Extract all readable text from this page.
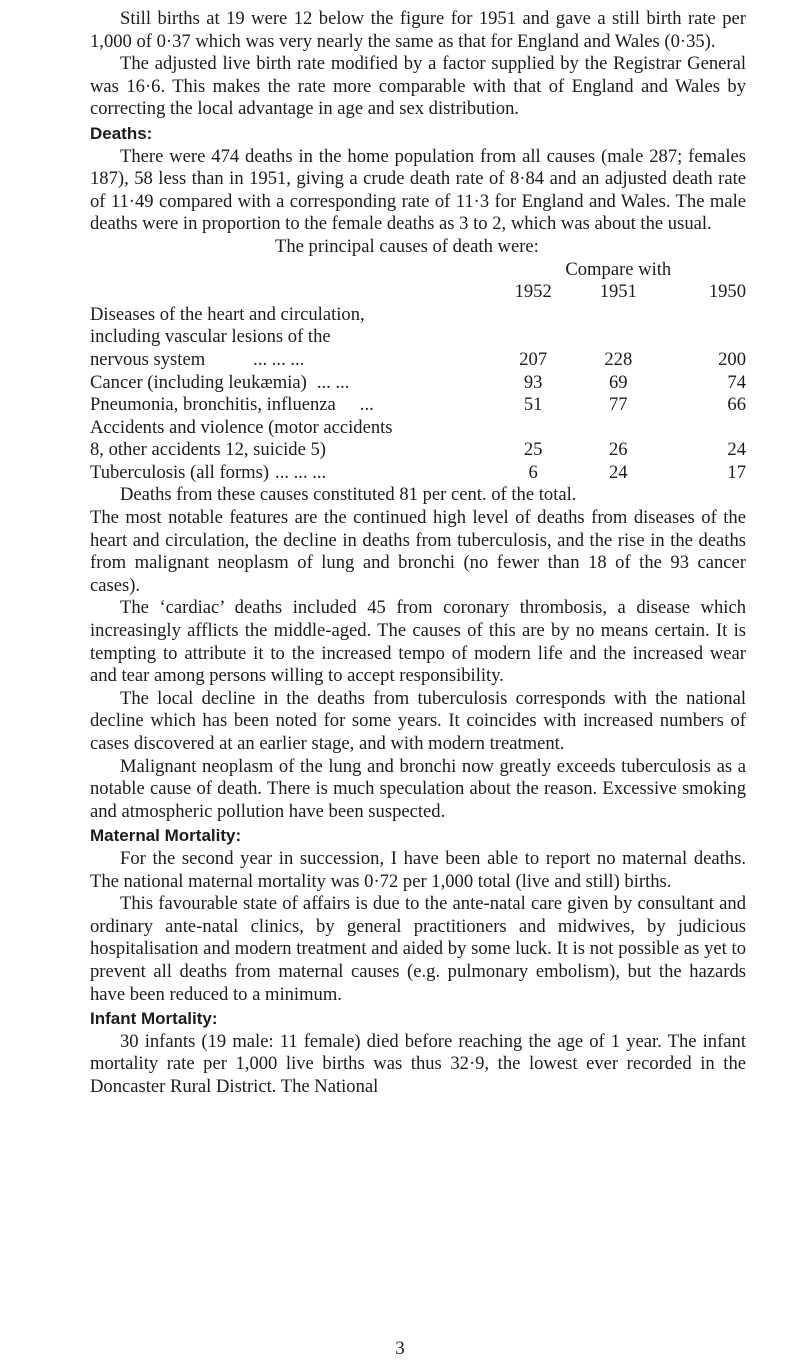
Still births at 19 were 12 below the figure for 1951 and gave a still birth rate per 1,000 of 0·37 which was very nearly the same as that for England and Wales (0·35).

The adjusted live birth rate modified by a factor supplied by the Registrar General was 16·6. This makes the rate more comparable with that of England and Wales by correcting the local advantage in age and sex distribution.

Deaths:

There were 474 deaths in the home population from all causes (male 287; females 187), 58 less than in 1951, giving a crude death rate of 8·84 and an adjusted death rate of 11·49 compared with a corresponding rate of 11·3 for England and Wales. The male deaths were in proportion to the female deaths as 3 to 2, which was about the usual.

The principal causes of death were:
	Compare with		
	1952	1951	1950
Diseases of the heart and circulation,			
including vascular lesions of the			
nervous system ... ... ...	207	228	200
Cancer (including leukæmia) ... ...	93	69	74
Pneumonia, bronchitis, influenza ...	51	77	66
Accidents and violence (motor accidents			
8, other accidents 12, suicide 5)	25	26	24
Tuberculosis (all forms) ... ... ...	6	24	17

Deaths from these causes constituted 81 per cent. of the total.

The most notable features are the continued high level of deaths from diseases of the heart and circulation, the decline in deaths from tuberculosis, and the rise in the deaths from malignant neoplasm of lung and bronchi (no fewer than 18 of the 93 cancer cases).

The ‘cardiac’ deaths included 45 from coronary thrombosis, a disease which increasingly afflicts the middle-aged. The causes of this are by no means certain. It is tempting to attribute it to the increased tempo of modern life and the increased wear and tear among persons willing to accept responsibility.

The local decline in the deaths from tuberculosis corresponds with the national decline which has been noted for some years. It coincides with increased numbers of cases discovered at an earlier stage, and with modern treatment.

Malignant neoplasm of the lung and bronchi now greatly exceeds tuberculosis as a notable cause of death. There is much speculation about the reason. Excessive smoking and atmospheric pollution have been suspected.

Maternal Mortality:

For the second year in succession, I have been able to report no maternal deaths. The national maternal mortality was 0·72 per 1,000 total (live and still) births.

This favourable state of affairs is due to the ante-natal care given by consultant and ordinary ante-natal clinics, by general practitioners and midwives, by judicious hospitalisation and modern treatment and aided by some luck. It is not possible as yet to prevent all deaths from maternal causes (e.g. pulmonary embolism), but the hazards have been reduced to a minimum.

Infant Mortality:

30 infants (19 male: 11 female) died before reaching the age of 1 year. The infant mortality rate per 1,000 live births was thus 32·9, the lowest ever recorded in the Doncaster Rural District. The National

3
